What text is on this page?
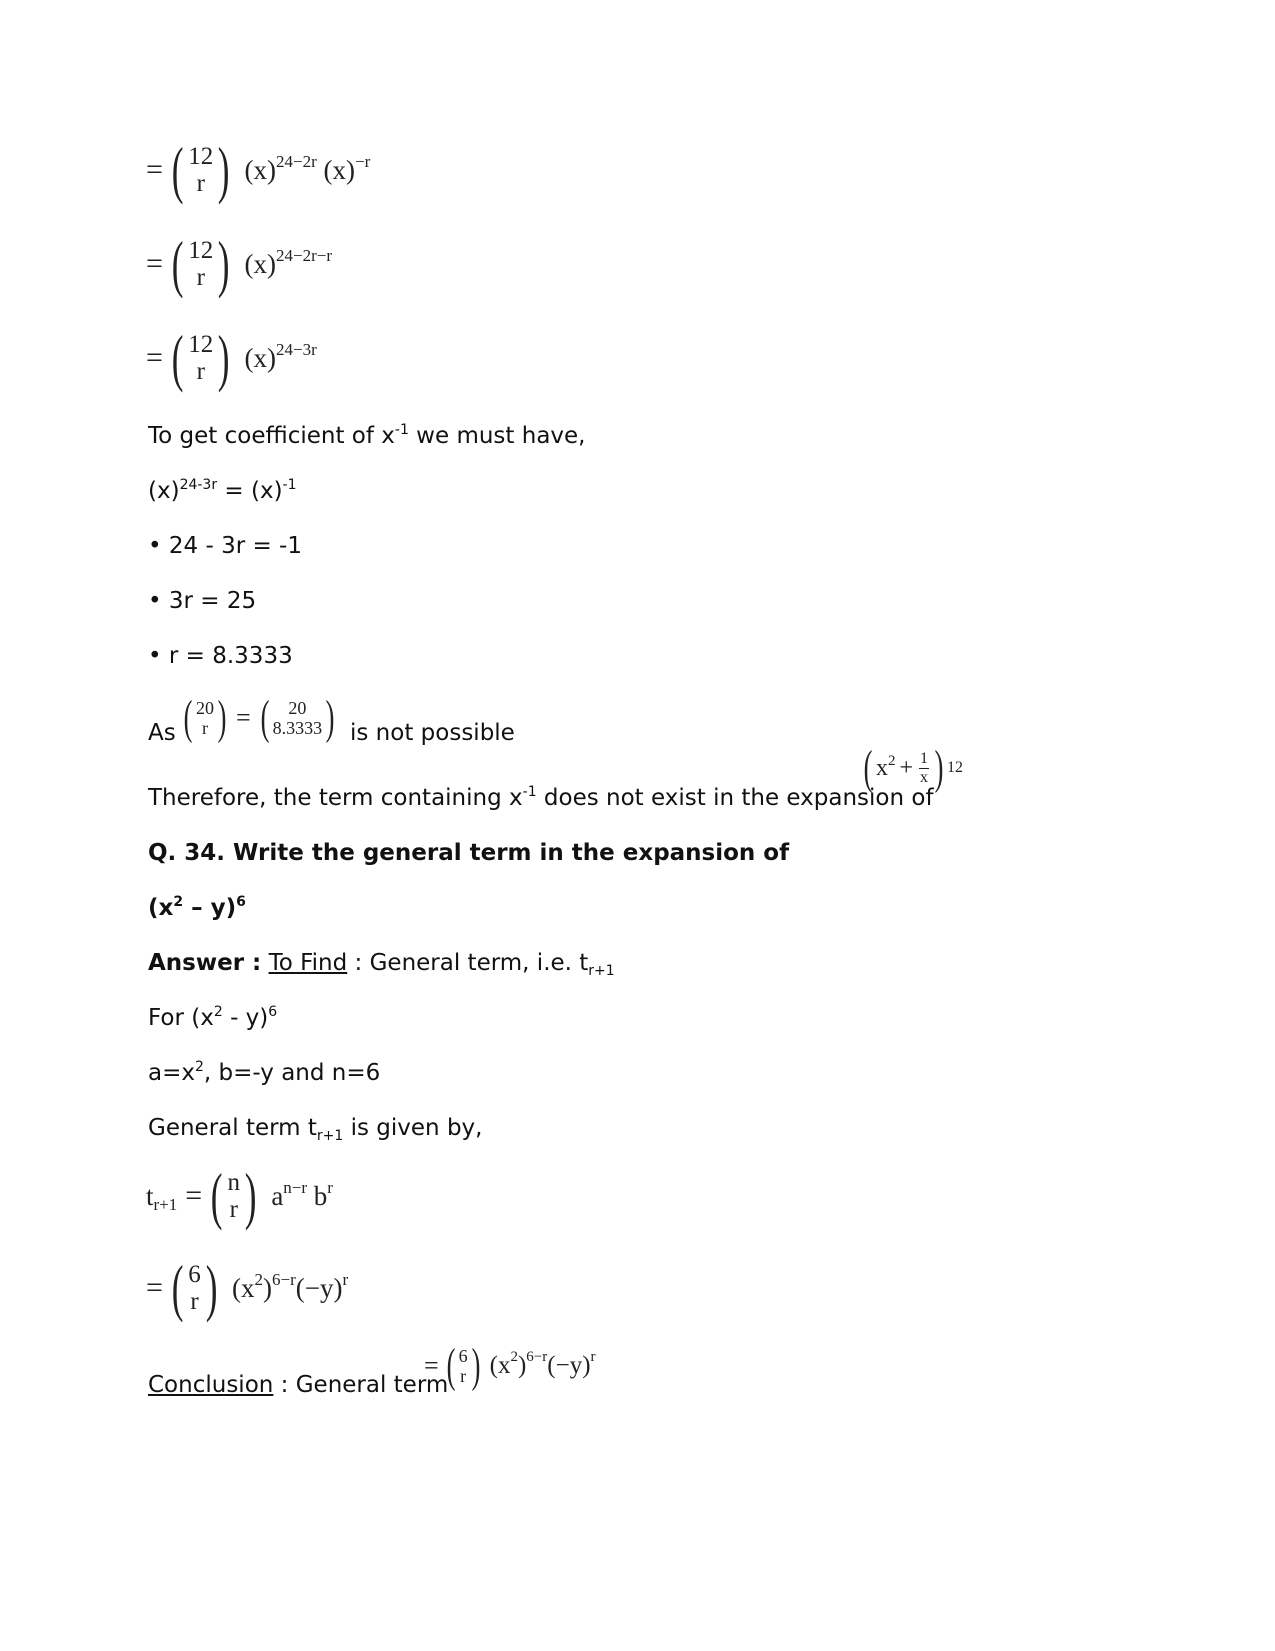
= ( 12
r ) $(x)^{24-2r}$ $(x)^{-r}$
= ( 12
r ) $(x)^{24-2r-r}$
= ( 12
r ) $(x)^{24-3r}$
To get coefficient of $x^{-1}$ we must have,
$(x)^{24-3r} = (x)^{-1}$
• 24 - 3r = -1
• 3r = 25
• r = 8.3333
As ( 20
r ) = ( 20
8.3333 ) is not possible
Therefore, the term containing $x^{-1}$ does not exist in the expansion of
( $x^2 + \frac{1}{x}$ ) 12
Q. 34. Write the general term in the expansion of
$(x^2 - y)^6$
Answer : To Find : General term, i.e. $t_{r+1}$
For $(x^2 - y)^6$
$a=x^2$, b=-y and n=6
General term $t_{r+1}$ is given by,
$t_{r+1}$ = ( n
r ) $a^{n-r}$ $b^r$
= ( 6
r ) $(x^2)^{6-r}(-y)^r$
Conclusion : General term
= ( 6
r ) $(x^2)^{6-r}(-y)^r$
